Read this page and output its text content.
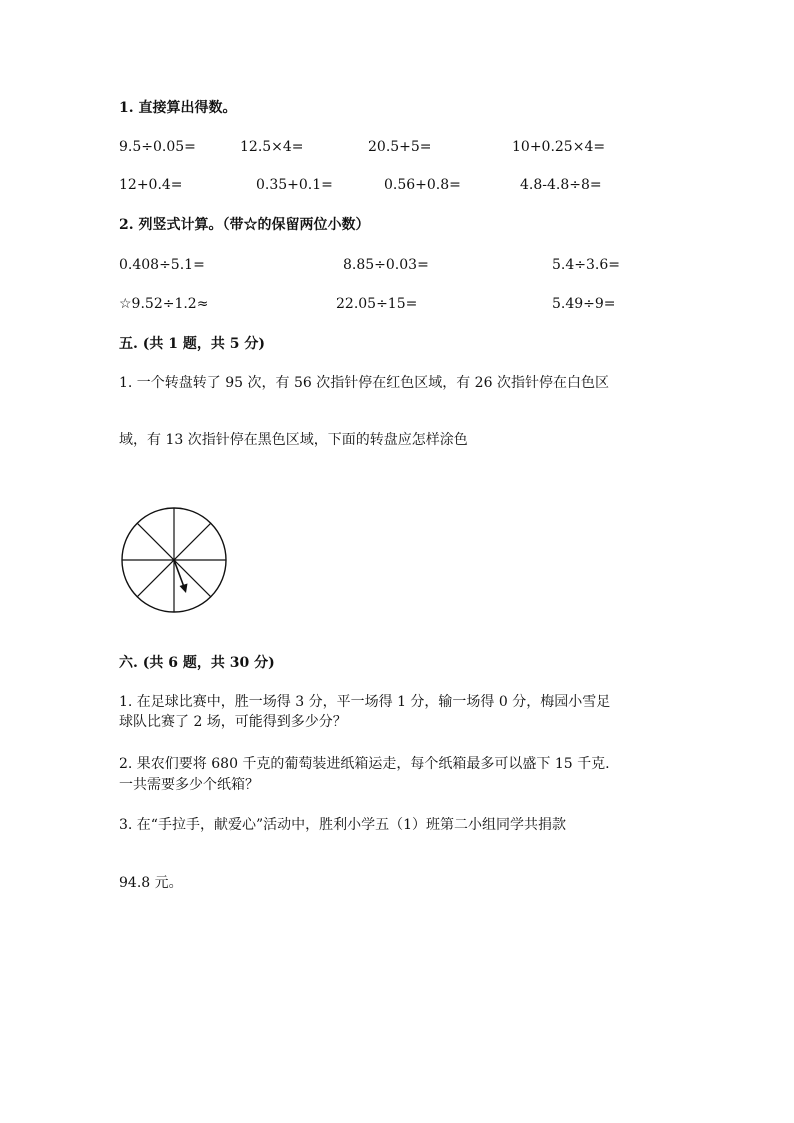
1. 直接算出得数。
9.5÷0.05=	12.5×4=	20.5+5=	10+0.25×4=
12+0.4=	0.35+0.1=	0.56+0.8=	4.8-4.8÷8=
2. 列竖式计算。（带☆的保留两位小数）
0.408÷5.1=	8.85÷0.03=	5.4÷3.6=
☆9.52÷1.2≈	22.05÷15=	5.49÷9=
五. (共 1 题，共 5 分)
1. 一个转盘转了 95 次，有 56 次指针停在红色区域，有 26 次指针停在白色区
域，有 13 次指针停在黑色区域，下面的转盘应怎样涂色
六. (共 6 题，共 30 分)
1. 在足球比赛中，胜一场得 3 分，平一场得 1 分，输一场得 0 分，梅园小雪足
球队比赛了 2 场，可能得到多少分？
2. 果农们要将 680 千克的葡萄装进纸箱运走，每个纸箱最多可以盛下 15 千克.
一共需要多少个纸箱？
3. 在“手拉手，献爱心”活动中，胜利小学五（1）班第二小组同学共捐款
94.8 元。
